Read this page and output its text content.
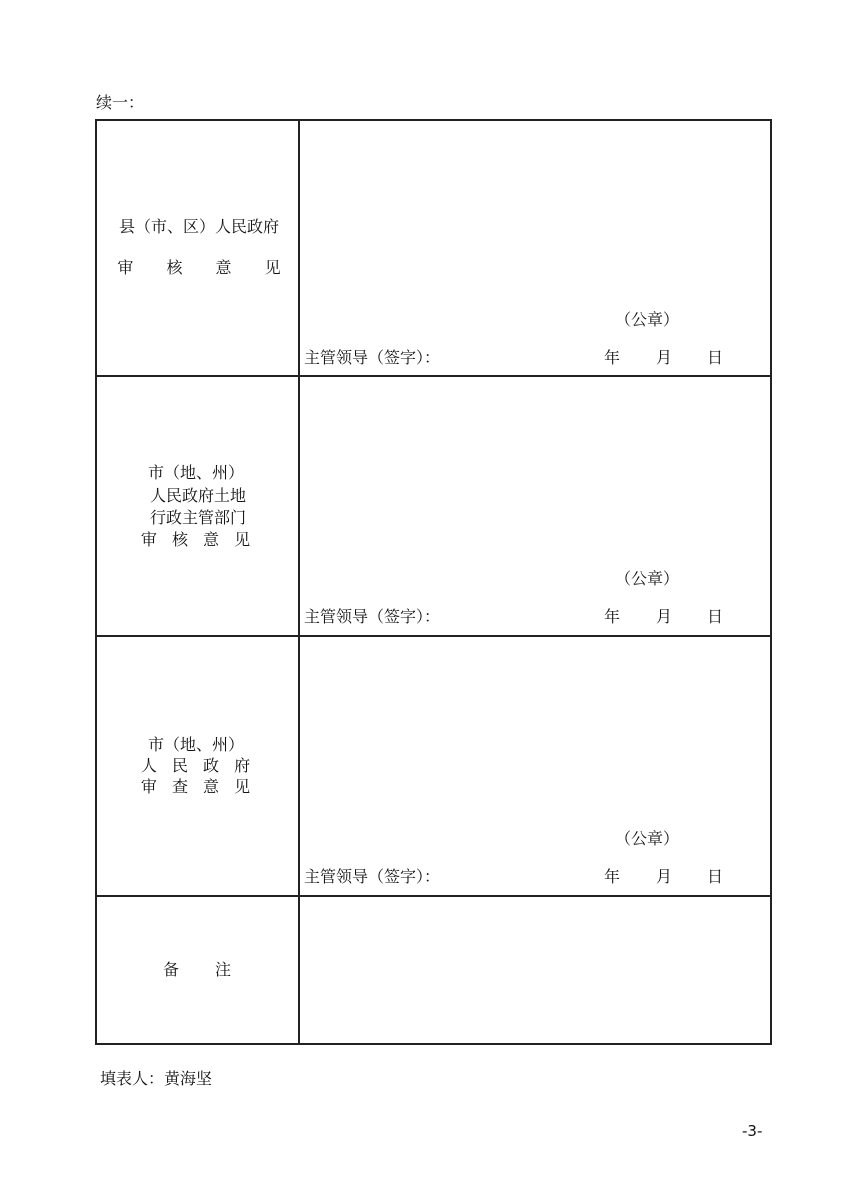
续一：
县（市、区）人民政府
审 核 意 见
（公章）
主管领导（签字）：	年 月 日
市（地、州）
人民政府土地
行政主管部门
审 核 意 见
（公章）
主管领导（签字）：	年 月 日
市（地、州）
人 民 政 府
审 查 意 见
（公章）
主管领导（签字）：	年 月 日
备 注
填表人：黄海坚
-3-
